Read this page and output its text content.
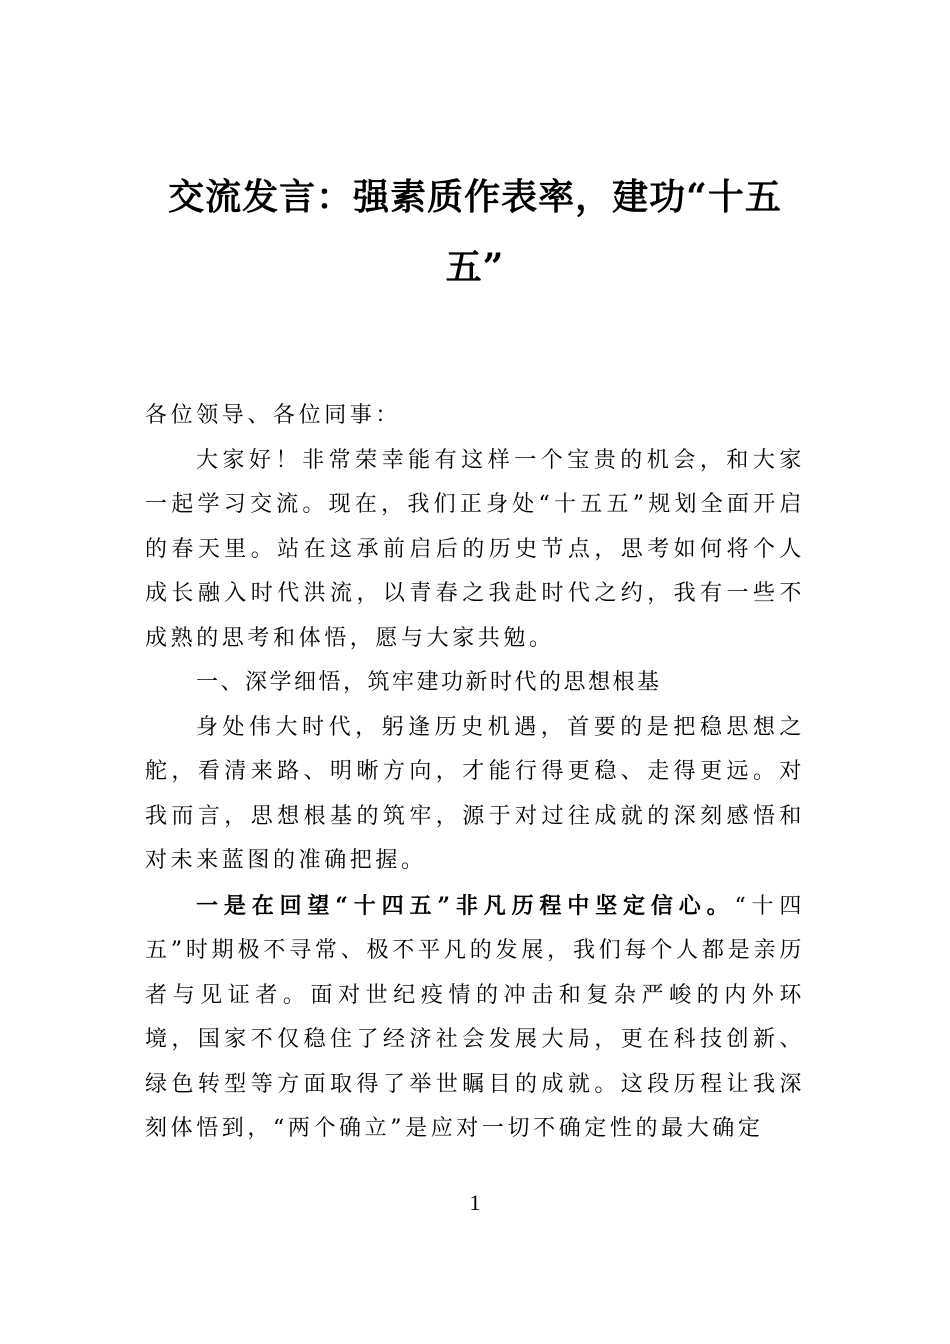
交流发言：强素质作表率，建功“十五
五”

各位领导、各位同事：

大家好！非常荣幸能有这样一个宝贵的机会，和大家一起学习交流。现在，我们正身处“十五五”规划全面开启的春天里。站在这承前启后的历史节点，思考如何将个人成长融入时代洪流，以青春之我赴时代之约，我有一些不成熟的思考和体悟，愿与大家共勉。

一、深学细悟，筑牢建功新时代的思想根基

身处伟大时代，躬逢历史机遇，首要的是把稳思想之舵，看清来路、明晰方向，才能行得更稳、走得更远。对我而言，思想根基的筑牢，源于对过往成就的深刻感悟和对未来蓝图的准确把握。

一是在回望“十四五”非凡历程中坚定信心。“十四五”时期极不寻常、极不平凡的发展，我们每个人都是亲历者与见证者。面对世纪疫情的冲击和复杂严峻的内外环境，国家不仅稳住了经济社会发展大局，更在科技创新、绿色转型等方面取得了举世瞩目的成就。这段历程让我深刻体悟到，“两个确立”是应对一切不确定性的最大确定

1
